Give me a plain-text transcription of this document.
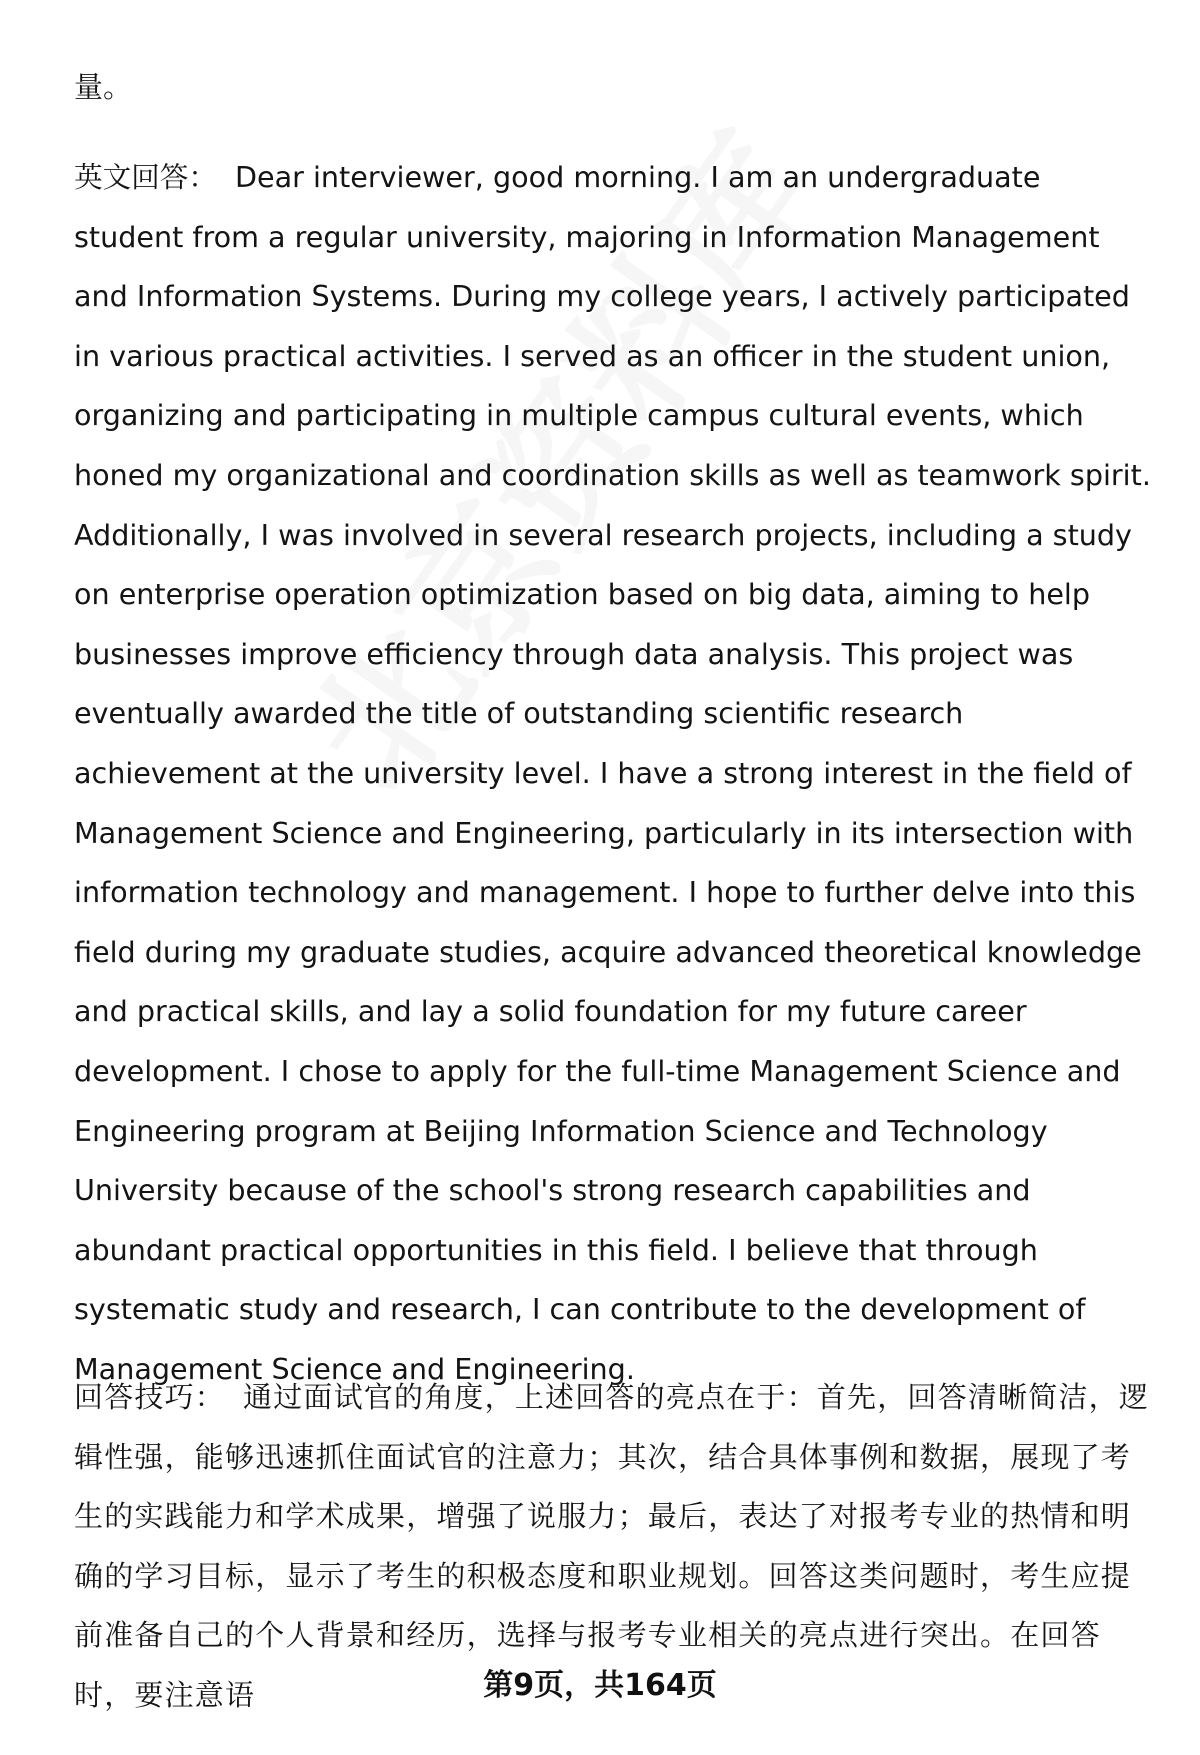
量。
英文回答： Dear interviewer, good morning. I am an undergraduate student from a regular university, majoring in Information Management and Information Systems. During my college years, I actively participated in various practical activities. I served as an officer in the student union, organizing and participating in multiple campus cultural events, which honed my organizational and coordination skills as well as teamwork spirit. Additionally, I was involved in several research projects, including a study on enterprise operation optimization based on big data, aiming to help businesses improve efficiency through data analysis. This project was eventually awarded the title of outstanding scientific research achievement at the university level. I have a strong interest in the field of Management Science and Engineering, particularly in its intersection with information technology and management. I hope to further delve into this field during my graduate studies, acquire advanced theoretical knowledge and practical skills, and lay a solid foundation for my future career development. I chose to apply for the full-time Management Science and Engineering program at Beijing Information Science and Technology University because of the school's strong research capabilities and abundant practical opportunities in this field. I believe that through systematic study and research, I can contribute to the development of Management Science and Engineering.
回答技巧： 通过面试官的角度，上述回答的亮点在于：首先，回答清晰简洁，逻辑性强，能够迅速抓住面试官的注意力；其次，结合具体事例和数据，展现了考生的实践能力和学术成果，增强了说服力；最后，表达了对报考专业的热情和明确的学习目标，显示了考生的积极态度和职业规划。回答这类问题时，考生应提前准备自己的个人背景和经历，选择与报考专业相关的亮点进行突出。在回答时，要注意语	第9页，共164页
